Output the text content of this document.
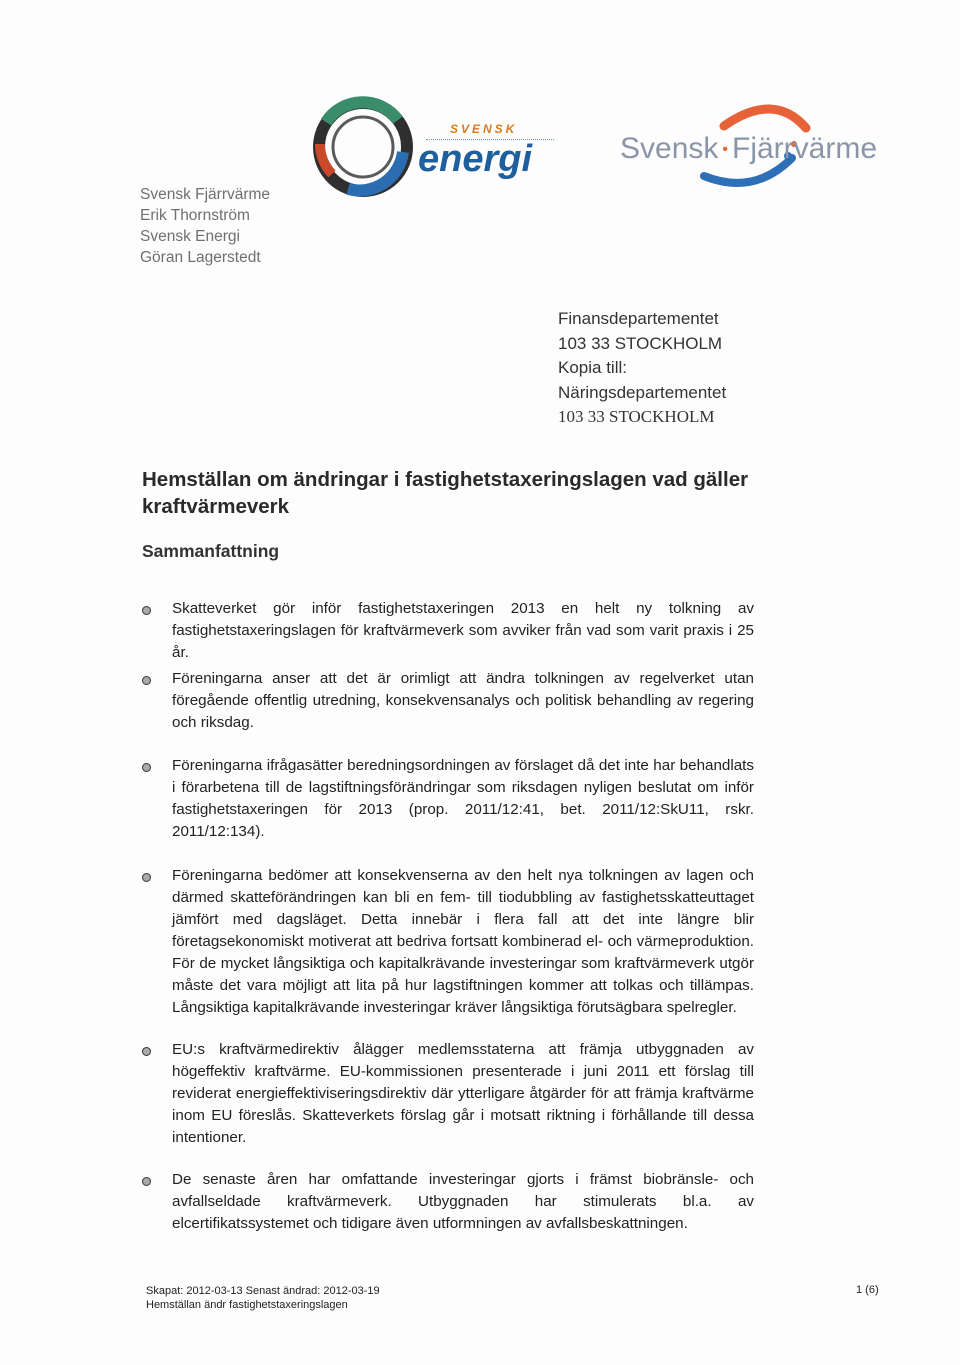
Svensk Fjärrvärme
Erik Thornström
Svensk Energi
Göran Lagerstedt
SVENSK
energi	Svensk • Fjärrvärme
Finansdepartementet
103 33 STOCKHOLM
Kopia till:
Näringsdepartementet
103 33 STOCKHOLM
Hemställan om ändringar i fastighetstaxeringslagen vad gäller kraftvärmeverk
Sammanfattning
Skatteverket gör inför fastighetstaxeringen 2013 en helt ny tolkning av fastighetstaxeringslagen för kraftvärmeverk som avviker från vad som varit praxis i 25 år.
Föreningarna anser att det är orimligt att ändra tolkningen av regelverket utan föregående offentlig utredning, konsekvensanalys och politisk behandling av regering och riksdag.
Föreningarna ifrågasätter beredningsordningen av förslaget då det inte har behandlats i förarbetena till de lagstiftningsförändringar som riksdagen nyligen beslutat om inför fastighetstaxeringen för 2013 (prop. 2011/12:41, bet. 2011/12:SkU11, rskr. 2011/12:134).
Föreningarna bedömer att konsekvenserna av den helt nya tolkningen av lagen och därmed skatteförändringen kan bli en fem- till tiodubbling av fastighetsskatteuttaget jämfört med dagsläget. Detta innebär i flera fall att det inte längre blir företagsekonomiskt motiverat att bedriva fortsatt kombinerad el- och värmeproduktion. För de mycket långsiktiga och kapitalkrävande investeringar som kraftvärmeverk utgör måste det vara möjligt att lita på hur lagstiftningen kommer att tolkas och tillämpas. Långsiktiga kapitalkrävande investeringar kräver långsiktiga förutsägbara spelregler.
EU:s kraftvärmedirektiv ålägger medlemsstaterna att främja utbyggnaden av högeffektiv kraftvärme. EU-kommissionen presenterade i juni 2011 ett förslag till reviderat energieffektiviseringsdirektiv där ytterligare åtgärder för att främja kraftvärme inom EU föreslås. Skatteverkets förslag går i motsatt riktning i förhållande till dessa intentioner.
De senaste åren har omfattande investeringar gjorts i främst biobränsle- och avfallseldade kraftvärmeverk. Utbyggnaden har stimulerats bl.a. av elcertifikatssystemet och tidigare även utformningen av avfallsbeskattningen.
Skapat: 2012-03-13 Senast ändrad: 2012-03-19
Hemställan ändr fastighetstaxeringslagen
1 (6)
